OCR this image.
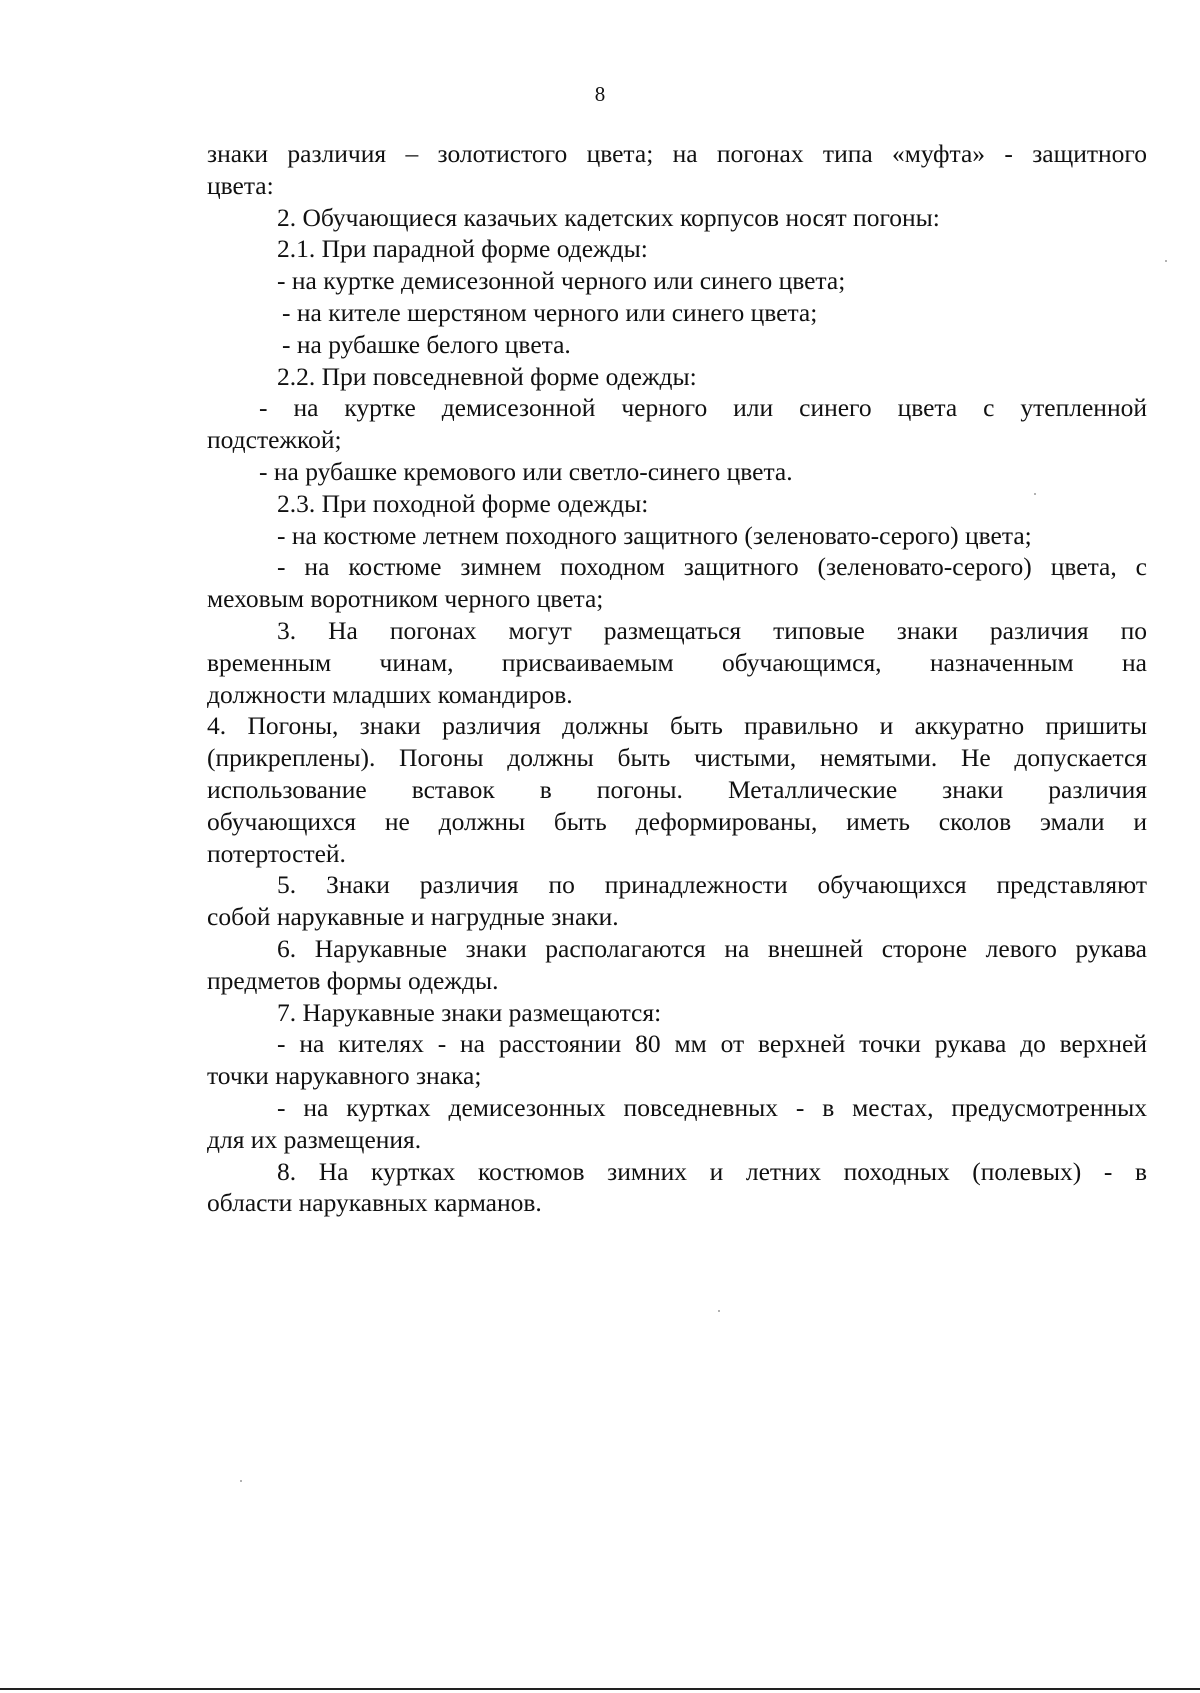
8
знаки различия – золотистого цвета; на погонах типа «муфта» - защитного
цвета:
2. Обучающиеся казачьих кадетских корпусов носят погоны:
2.1. При парадной форме одежды:
- на куртке демисезонной черного или синего цвета;
- на кителе шерстяном черного или синего цвета;
- на рубашке белого цвета.
2.2. При повседневной форме одежды:
- на куртке демисезонной черного или синего цвета с утепленной
подстежкой;
- на рубашке кремового или светло-синего цвета.
2.3. При походной форме одежды:
- на костюме летнем походного защитного (зеленовато-серого) цвета;
- на костюме зимнем походном защитного (зеленовато-серого) цвета, с
меховым воротником черного цвета;
3. На погонах могут размещаться типовые знаки различия по
временным чинам, присваиваемым обучающимся, назначенным на
должности младших командиров.
4. Погоны, знаки различия должны быть правильно и аккуратно пришиты
(прикреплены). Погоны должны быть чистыми, немятыми. Не допускается
использование вставок в погоны. Металлические знаки различия
обучающихся не должны быть деформированы, иметь сколов эмали и
потертостей.
5. Знаки различия по принадлежности обучающихся представляют
собой нарукавные и нагрудные знаки.
6. Нарукавные знаки располагаются на внешней стороне левого рукава
предметов формы одежды.
7. Нарукавные знаки размещаются:
- на кителях - на расстоянии 80 мм от верхней точки рукава до верхней
точки нарукавного знака;
- на куртках демисезонных повседневных - в местах, предусмотренных
для их размещения.
8. На куртках костюмов зимних и летних походных (полевых) - в
области нарукавных карманов.
